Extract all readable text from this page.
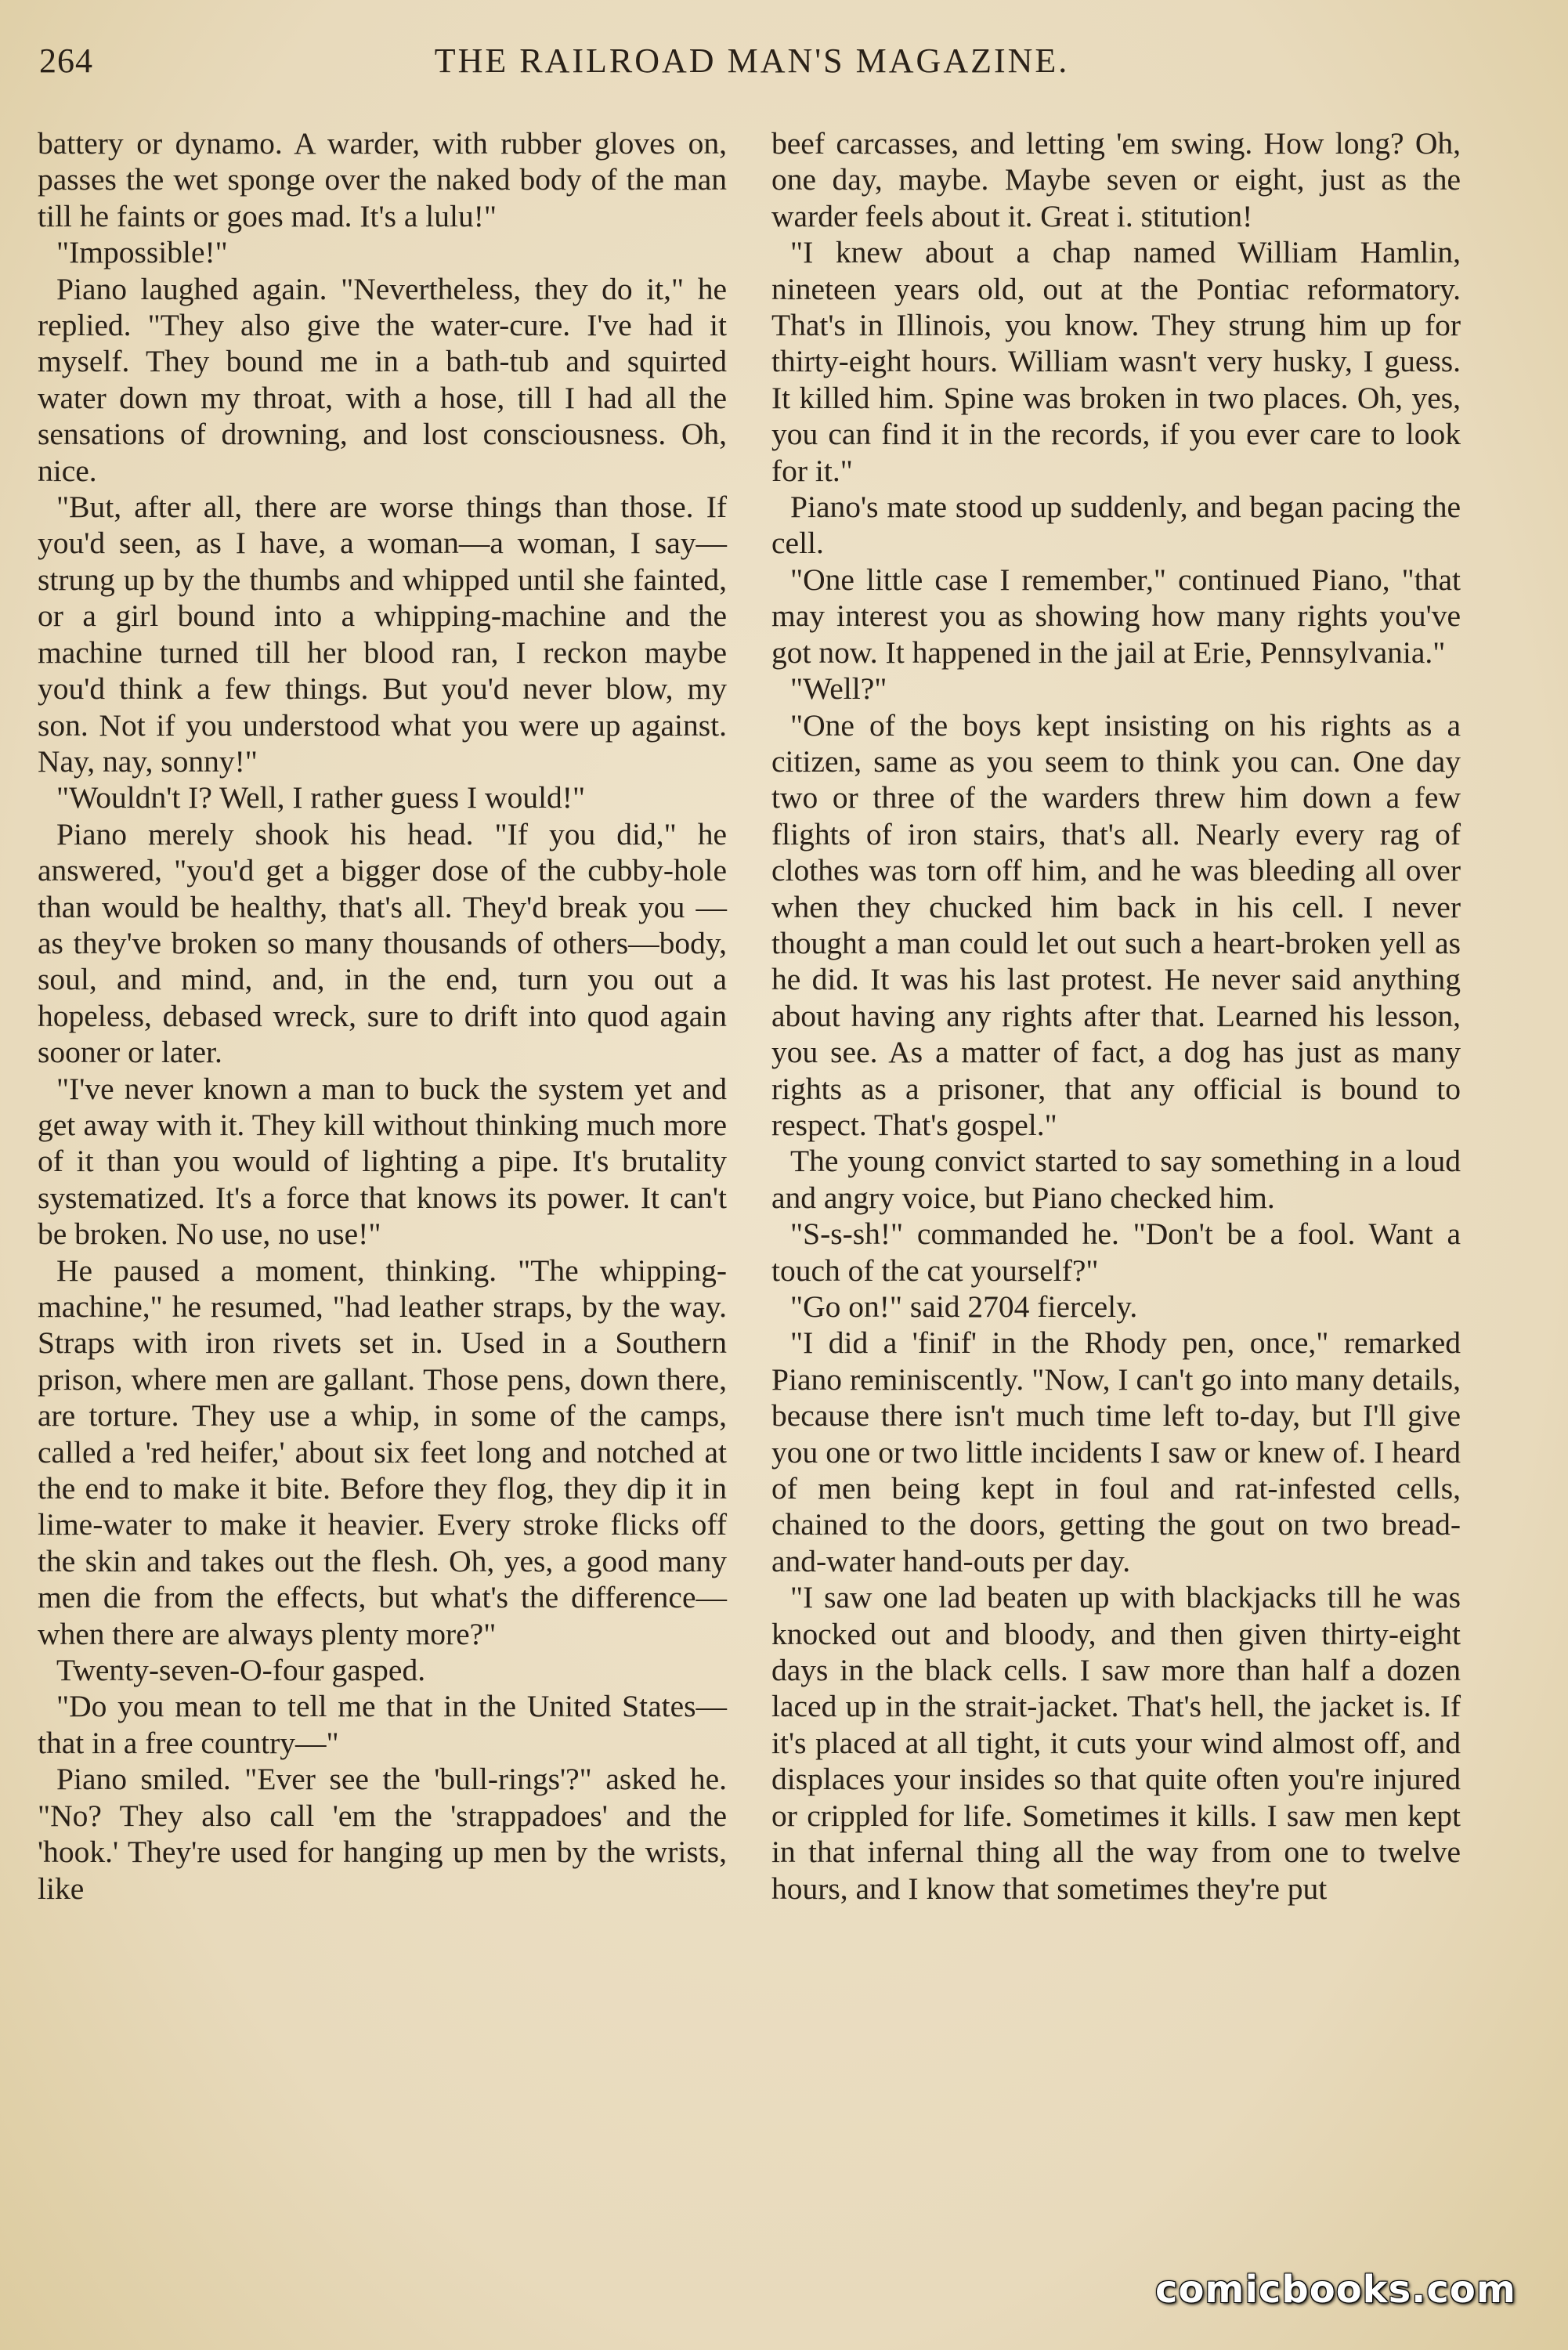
264	THE RAILROAD MAN'S MAGAZINE.

battery or dynamo. A warder, with rubber gloves on, passes the wet sponge over the naked body of the man till he faints or goes mad. It's a lulu!"

"Impossible!"

Piano laughed again. "Nevertheless, they do it," he replied. "They also give the water-cure. I've had it myself. They bound me in a bath-tub and squirted water down my throat, with a hose, till I had all the sensations of drowning, and lost consciousness. Oh, nice.

"But, after all, there are worse things than those. If you'd seen, as I have, a woman—a woman, I say—strung up by the thumbs and whipped until she fainted, or a girl bound into a whipping-machine and the machine turned till her blood ran, I reckon maybe you'd think a few things. But you'd never blow, my son. Not if you understood what you were up against. Nay, nay, sonny!"

"Wouldn't I? Well, I rather guess I would!"

Piano merely shook his head. "If you did," he answered, "you'd get a bigger dose of the cubby-hole than would be healthy, that's all. They'd break you — as they've broken so many thousands of others—body, soul, and mind, and, in the end, turn you out a hopeless, debased wreck, sure to drift into quod again sooner or later.

"I've never known a man to buck the system yet and get away with it. They kill without thinking much more of it than you would of lighting a pipe. It's brutality systematized. It's a force that knows its power. It can't be broken. No use, no use!"

He paused a moment, thinking. "The whipping-machine," he resumed, "had leather straps, by the way. Straps with iron rivets set in. Used in a Southern prison, where men are gallant. Those pens, down there, are torture. They use a whip, in some of the camps, called a 'red heifer,' about six feet long and notched at the end to make it bite. Before they flog, they dip it in lime-water to make it heavier. Every stroke flicks off the skin and takes out the flesh. Oh, yes, a good many men die from the effects, but what's the difference—when there are always plenty more?"

Twenty-seven-O-four gasped.

"Do you mean to tell me that in the United States—that in a free country—"

Piano smiled. "Ever see the 'bull-rings'?" asked he. "No? They also call 'em the 'strappadoes' and the 'hook.' They're used for hanging up men by the wrists, like

beef carcasses, and letting 'em swing. How long? Oh, one day, maybe. Maybe seven or eight, just as the warder feels about it. Great i. stitution!

"I knew about a chap named William Hamlin, nineteen years old, out at the Pontiac reformatory. That's in Illinois, you know. They strung him up for thirty-eight hours. William wasn't very husky, I guess. It killed him. Spine was broken in two places. Oh, yes, you can find it in the records, if you ever care to look for it."

Piano's mate stood up suddenly, and began pacing the cell.

"One little case I remember," continued Piano, "that may interest you as showing how many rights you've got now. It happened in the jail at Erie, Pennsylvania."

"Well?"

"One of the boys kept insisting on his rights as a citizen, same as you seem to think you can. One day two or three of the warders threw him down a few flights of iron stairs, that's all. Nearly every rag of clothes was torn off him, and he was bleeding all over when they chucked him back in his cell. I never thought a man could let out such a heart-broken yell as he did. It was his last protest. He never said anything about having any rights after that. Learned his lesson, you see. As a matter of fact, a dog has just as many rights as a prisoner, that any official is bound to respect. That's gospel."

The young convict started to say something in a loud and angry voice, but Piano checked him.

"S-s-sh!" commanded he. "Don't be a fool. Want a touch of the cat yourself?"

"Go on!" said 2704 fiercely.

"I did a 'finif' in the Rhody pen, once," remarked Piano reminiscently. "Now, I can't go into many details, because there isn't much time left to-day, but I'll give you one or two little incidents I saw or knew of. I heard of men being kept in foul and rat-infested cells, chained to the doors, getting the gout on two bread-and-water hand-outs per day.

"I saw one lad beaten up with blackjacks till he was knocked out and bloody, and then given thirty-eight days in the black cells. I saw more than half a dozen laced up in the strait-jacket. That's hell, the jacket is. If it's placed at all tight, it cuts your wind almost off, and displaces your insides so that quite often you're injured or crippled for life. Sometimes it kills. I saw men kept in that infernal thing all the way from one to twelve hours, and I know that sometimes they're put

comicbooks.com
